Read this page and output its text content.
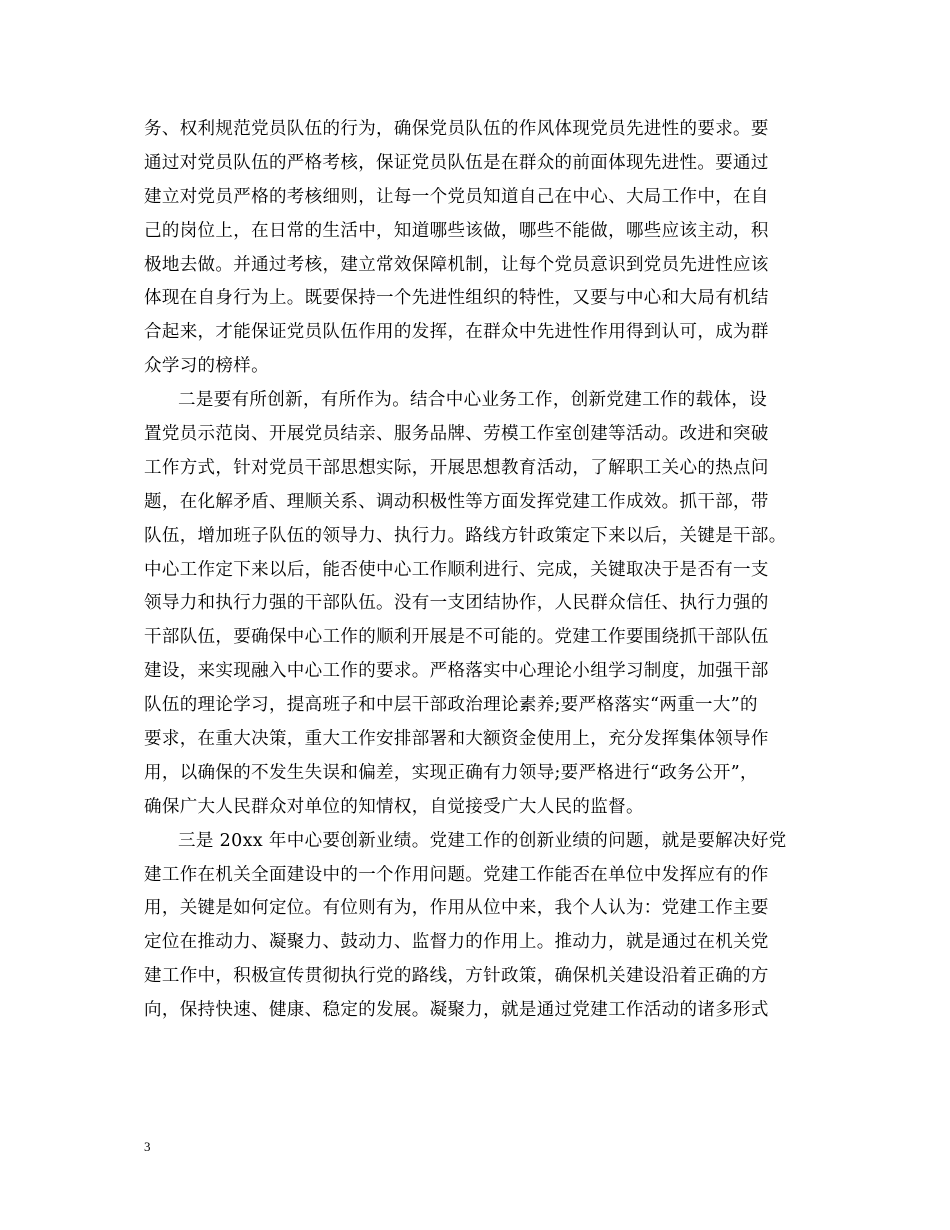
务、权利规范党员队伍的行为，确保党员队伍的作风体现党员先进性的要求。要
通过对党员队伍的严格考核，保证党员队伍是在群众的前面体现先进性。要通过
建立对党员严格的考核细则，让每一个党员知道自己在中心、大局工作中，在自
己的岗位上，在日常的生活中，知道哪些该做，哪些不能做，哪些应该主动，积
极地去做。并通过考核，建立常效保障机制，让每个党员意识到党员先进性应该
体现在自身行为上。既要保持一个先进性组织的特性，又要与中心和大局有机结
合起来，才能保证党员队伍作用的发挥，在群众中先进性作用得到认可，成为群
众学习的榜样。
二是要有所创新，有所作为。结合中心业务工作，创新党建工作的载体，设
置党员示范岗、开展党员结亲、服务品牌、劳模工作室创建等活动。改进和突破
工作方式，针对党员干部思想实际，开展思想教育活动，了解职工关心的热点问
题，在化解矛盾、理顺关系、调动积极性等方面发挥党建工作成效。抓干部，带
队伍，增加班子队伍的领导力、执行力。路线方针政策定下来以后，关键是干部。
中心工作定下来以后，能否使中心工作顺利进行、完成，关键取决于是否有一支
领导力和执行力强的干部队伍。没有一支团结协作，人民群众信任、执行力强的
干部队伍，要确保中心工作的顺利开展是不可能的。党建工作要围绕抓干部队伍
建设，来实现融入中心工作的要求。严格落实中心理论小组学习制度，加强干部
队伍的理论学习，提高班子和中层干部政治理论素养;要严格落实“两重一大”的
要求，在重大决策，重大工作安排部署和大额资金使用上，充分发挥集体领导作
用，以确保的不发生失误和偏差，实现正确有力领导;要严格进行“政务公开”，
确保广大人民群众对单位的知情权，自觉接受广大人民的监督。
三是 20xx 年中心要创新业绩。党建工作的创新业绩的问题，就是要解决好党
建工作在机关全面建设中的一个作用问题。党建工作能否在单位中发挥应有的作
用，关键是如何定位。有位则有为，作用从位中来，我个人认为：党建工作主要
定位在推动力、凝聚力、鼓动力、监督力的作用上。推动力，就是通过在机关党
建工作中，积极宣传贯彻执行党的路线，方针政策，确保机关建设沿着正确的方
向，保持快速、健康、稳定的发展。凝聚力，就是通过党建工作活动的诸多形式
3
